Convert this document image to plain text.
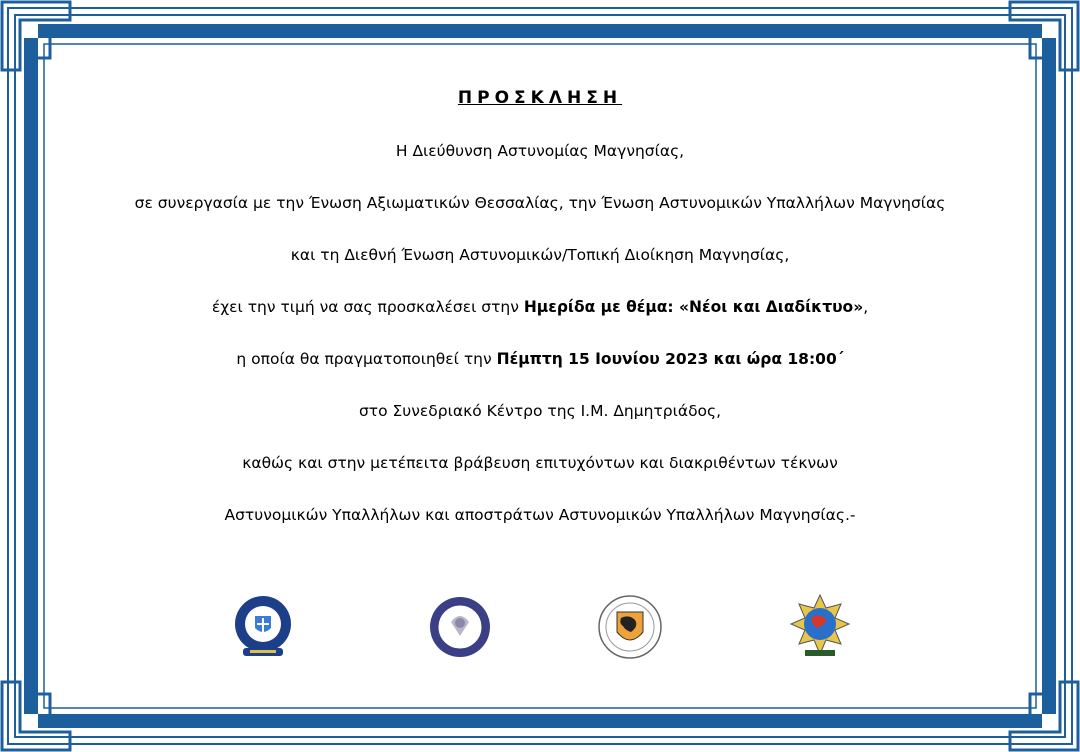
ΠΡΟΣΚΛΗΣΗ
Η Διεύθυνση Αστυνομίας Μαγνησίας,
σε συνεργασία με την Ένωση Αξιωματικών Θεσσαλίας, την Ένωση Αστυνομικών Υπαλλήλων Μαγνησίας
και τη Διεθνή Ένωση Αστυνομικών/Τοπική Διοίκηση Μαγνησίας,
έχει την τιμή να σας προσκαλέσει στην Ημερίδα με θέμα: «Νέοι και Διαδίκτυο»,
η οποία θα πραγματοποιηθεί την Πέμπτη 15 Ιουνίου 2023 και ώρα 18:00΄
στο Συνεδριακό Κέντρο της Ι.Μ. Δημητριάδος,
καθώς και στην μετέπειτα βράβευση επιτυχόντων και διακριθέντων τέκνων
Αστυνομικών Υπαλλήλων και αποστράτων Αστυνομικών Υπαλλήλων Μαγνησίας.-
